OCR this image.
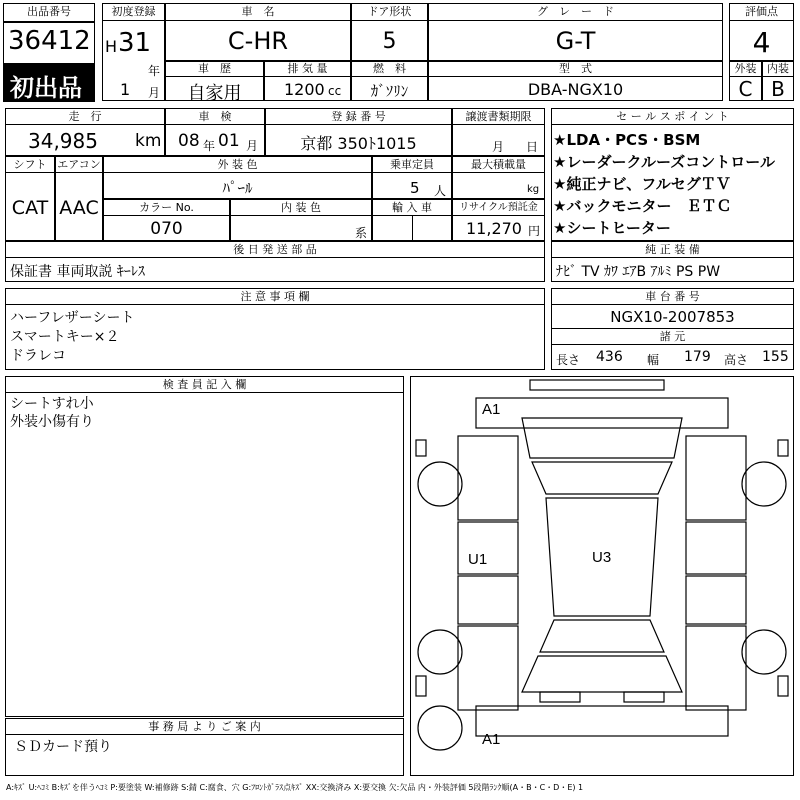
出品番号
36412
初出品
初度登録
H 31
年
1 月
車　名
C-HR
ドア形状
5
グ　レ　ー　ド
G-T
評価点
4
車　歴
自家用
排 気 量
1200 cc
燃　料
ｶﾞｿﾘﾝ
型　式
DBA-NGX10
外装
C
内装
B
走　行
34,985 km
車　検
08 年 01 月
登 録 番 号
京都 350ﾄ1015
譲渡書類期限
月 日
シフト
CAT
エアコン
AAC
外 装 色
ﾊﾟｰﾙ
乗車定員
5 人
最大積載量
kg
カラー No.
070
内 装 色
系
輸 入 車	リサイクル預託金
11,270 円
後 日 発 送 部 品
保証書 車両取説 ｷｰﾚｽ
セ ー ル ス ポ イ ン ト
★LDA・PCS・BSM
★レーダークルーズコントロール
★純正ナビ、フルセグＴＶ
★バックモニター　ＥＴＣ
★シートヒーター
純 正 装 備
ﾅﾋﾞ TV ｶﾜ ｴｱB ｱﾙﾐ PS PW
注 意 事 項 欄
ハーフレザーシート
スマートキー×２
ドラレコ
車 台 番 号
NGX10-2007853
諸 元
長さ 436 幅 179 高さ 155
検 査 員 記 入 欄
シートすれ小
外装小傷有り
事 務 局 よ り ご 案 内
ＳＤカード預り
A1
U1	U3
A1
A:ｷｽﾞ U:ﾍｺﾐ B:ｷｽﾞを伴うﾍｺﾐ P:要塗装 W:補修跡 S:錆 C:腐食、穴 G:ﾌﾛﾝﾄｶﾞﾗｽ点ｷｽﾞ XX:交換済み X:要交換 欠:欠品 内・外装評価 5段階ﾗﾝｸ順(A・B・C・D・E) 1
